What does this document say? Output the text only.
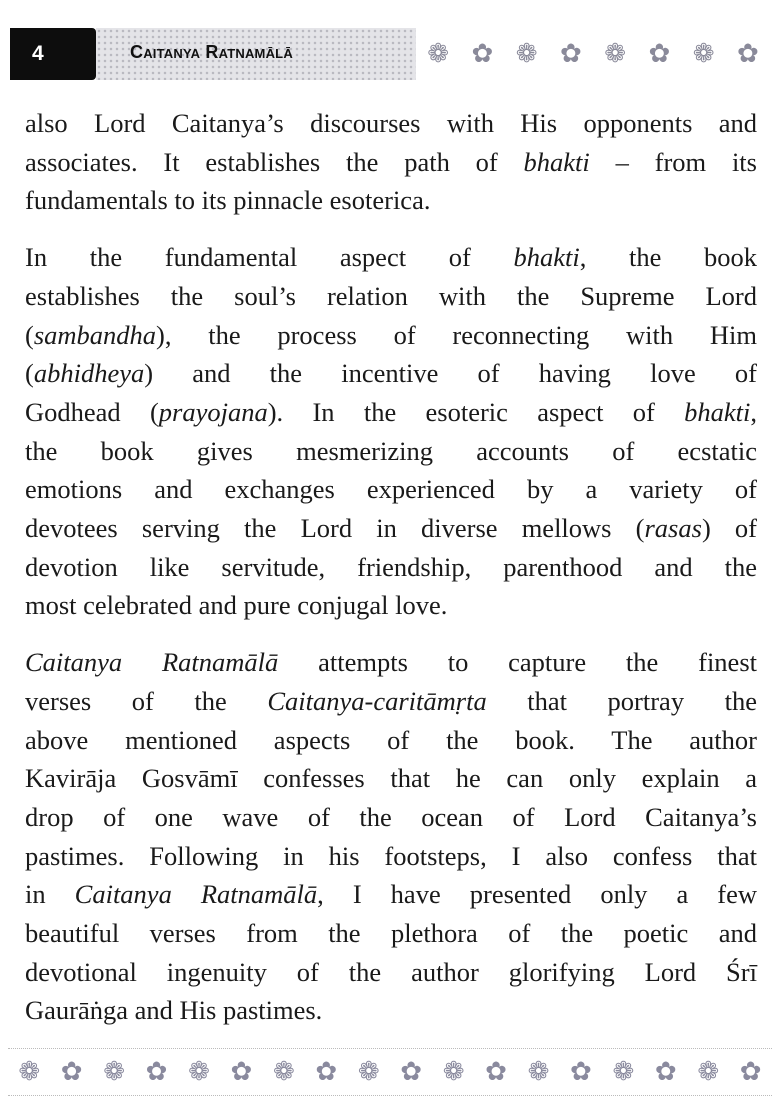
4	Caitanya Ratnamālā	❁ ✿ ❁ ✿ ❁ ✿ ❁ ✿
also Lord Caitanya’s discourses with His opponents and
associates. It establishes the path of bhakti – from its
fundamentals to its pinnacle esoterica.
In the fundamental aspect of bhakti, the book
establishes the soul’s relation with the Supreme Lord
(sambandha), the process of reconnecting with Him
(abhidheya) and the incentive of having love of
Godhead (prayojana). In the esoteric aspect of bhakti,
the book gives mesmerizing accounts of ecstatic
emotions and exchanges experienced by a variety of
devotees serving the Lord in diverse mellows (rasas) of
devotion like servitude, friendship, parenthood and the
most celebrated and pure conjugal love.
Caitanya Ratnamālā attempts to capture the finest
verses of the Caitanya-caritāmṛta that portray the
above mentioned aspects of the book. The author
Kavirāja Gosvāmī confesses that he can only explain a
drop of one wave of the ocean of Lord Caitanya’s
pastimes. Following in his footsteps, I also confess that
in Caitanya Ratnamālā, I have presented only a few
beautiful verses from the plethora of the poetic and
devotional ingenuity of the author glorifying Lord Śrī
Gaurāṅga and His pastimes.
❁ ✿ ❁ ✿ ❁ ✿ ❁ ✿ ❁ ✿ ❁ ✿ ❁ ✿ ❁ ✿ ❁ ✿
